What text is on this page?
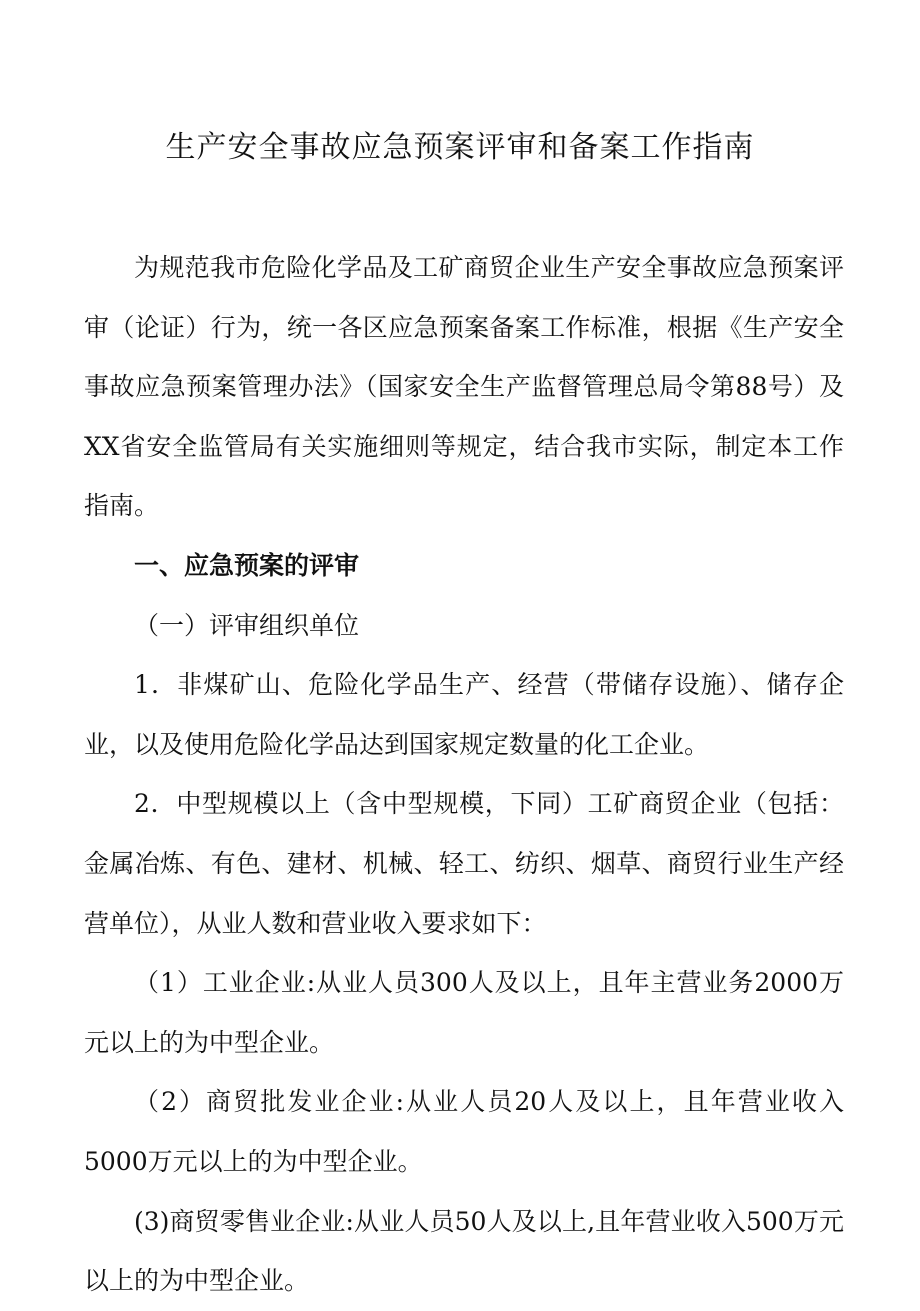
生产安全事故应急预案评审和备案工作指南

为规范我市危险化学品及工矿商贸企业生产安全事故应急预案评审（论证）行为，统一各区应急预案备案工作标准，根据《生产安全事故应急预案管理办法》（国家安全生产监督管理总局令第88号）及XX省安全监管局有关实施细则等规定，结合我市实际，制定本工作指南。

一、应急预案的评审

（一）评审组织单位

1．非煤矿山、危险化学品生产、经营（带储存设施）、储存企业，以及使用危险化学品达到国家规定数量的化工企业。

2．中型规模以上（含中型规模，下同）工矿商贸企业（包括：金属冶炼、有色、建材、机械、轻工、纺织、烟草、商贸行业生产经营单位），从业人数和营业收入要求如下：

（1）工业企业:从业人员300人及以上，且年主营业务2000万元以上的为中型企业。

（2）商贸批发业企业:从业人员20人及以上，且年营业收入5000万元以上的为中型企业。

(3)商贸零售业企业:从业人员50人及以上,且年营业收入500万元以上的为中型企业。
